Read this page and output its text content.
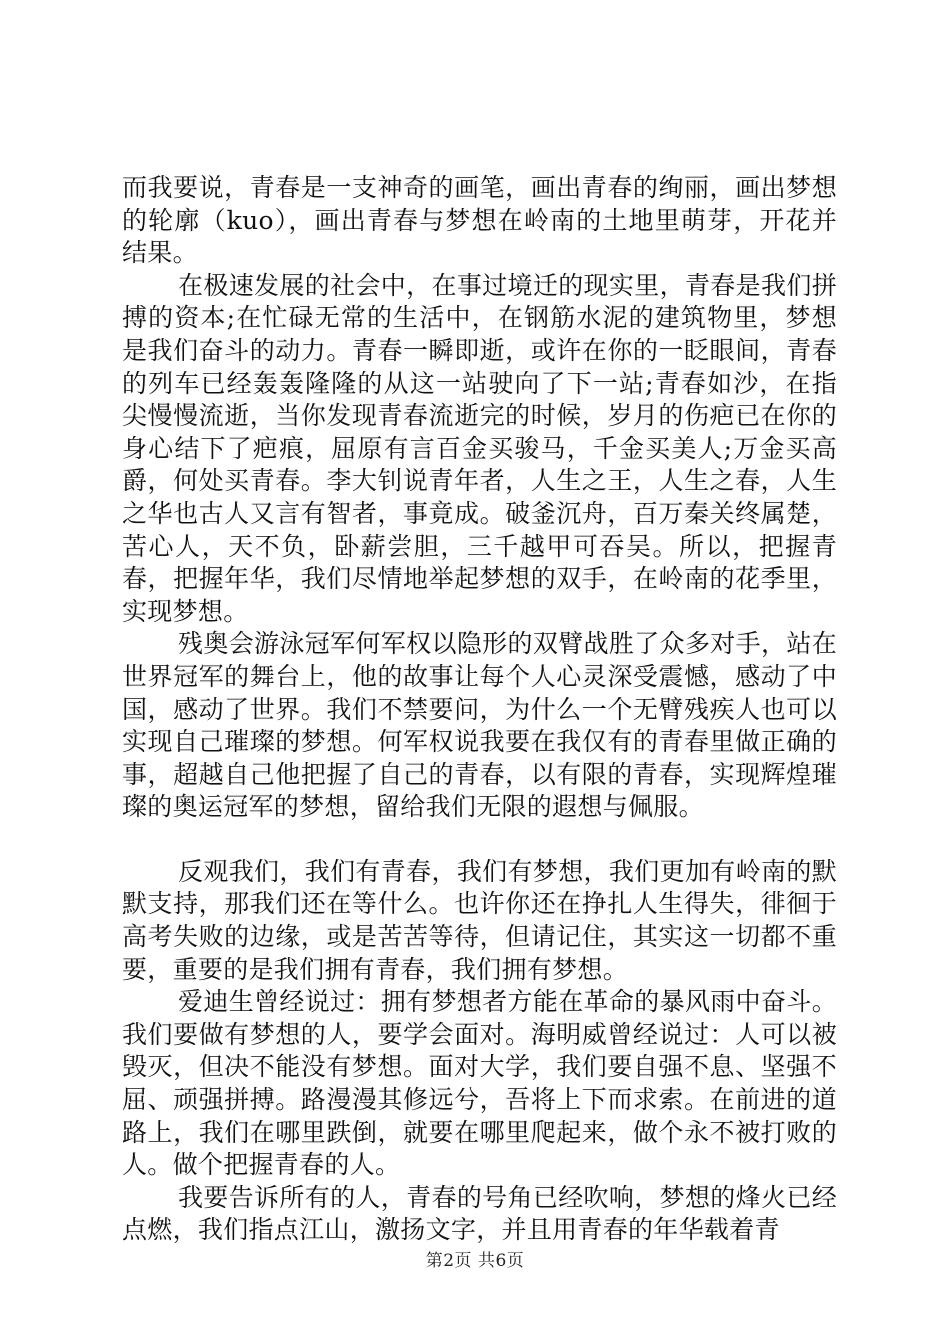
而我要说，青春是一支神奇的画笔，画出青春的绚丽，画出梦想的轮廓（kuo），画出青春与梦想在岭南的土地里萌芽，开花并结果。

在极速发展的社会中，在事过境迁的现实里，青春是我们拼搏的资本;在忙碌无常的生活中，在钢筋水泥的建筑物里，梦想是我们奋斗的动力。青春一瞬即逝，或许在你的一眨眼间，青春的列车已经轰轰隆隆的从这一站驶向了下一站;青春如沙，在指尖慢慢流逝，当你发现青春流逝完的时候，岁月的伤疤已在你的身心结下了疤痕，屈原有言百金买骏马，千金买美人;万金买高爵，何处买青春。李大钊说青年者，人生之王，人生之春，人生之华也古人又言有智者，事竟成。破釜沉舟，百万秦关终属楚，苦心人，天不负，卧薪尝胆，三千越甲可吞吴。所以，把握青春，把握年华，我们尽情地举起梦想的双手，在岭南的花季里，实现梦想。

残奥会游泳冠军何军权以隐形的双臂战胜了众多对手，站在世界冠军的舞台上，他的故事让每个人心灵深受震憾，感动了中国，感动了世界。我们不禁要问，为什么一个无臂残疾人也可以实现自己璀璨的梦想。何军权说我要在我仅有的青春里做正确的事，超越自己他把握了自己的青春，以有限的青春，实现辉煌璀璨的奥运冠军的梦想，留给我们无限的遐想与佩服。

反观我们，我们有青春，我们有梦想，我们更加有岭南的默默支持，那我们还在等什么。也许你还在挣扎人生得失，徘徊于高考失败的边缘，或是苦苦等待，但请记住，其实这一切都不重要，重要的是我们拥有青春，我们拥有梦想。

爱迪生曾经说过：拥有梦想者方能在革命的暴风雨中奋斗。我们要做有梦想的人，要学会面对。海明威曾经说过：人可以被毁灭，但决不能没有梦想。面对大学，我们要自强不息、坚强不屈、顽强拼搏。路漫漫其修远兮，吾将上下而求索。在前进的道路上，我们在哪里跌倒，就要在哪里爬起来，做个永不被打败的人。做个把握青春的人。

我要告诉所有的人，青春的号角已经吹响，梦想的烽火已经点燃，我们指点江山，激扬文字，并且用青春的年华载着青

第2页 共6页
